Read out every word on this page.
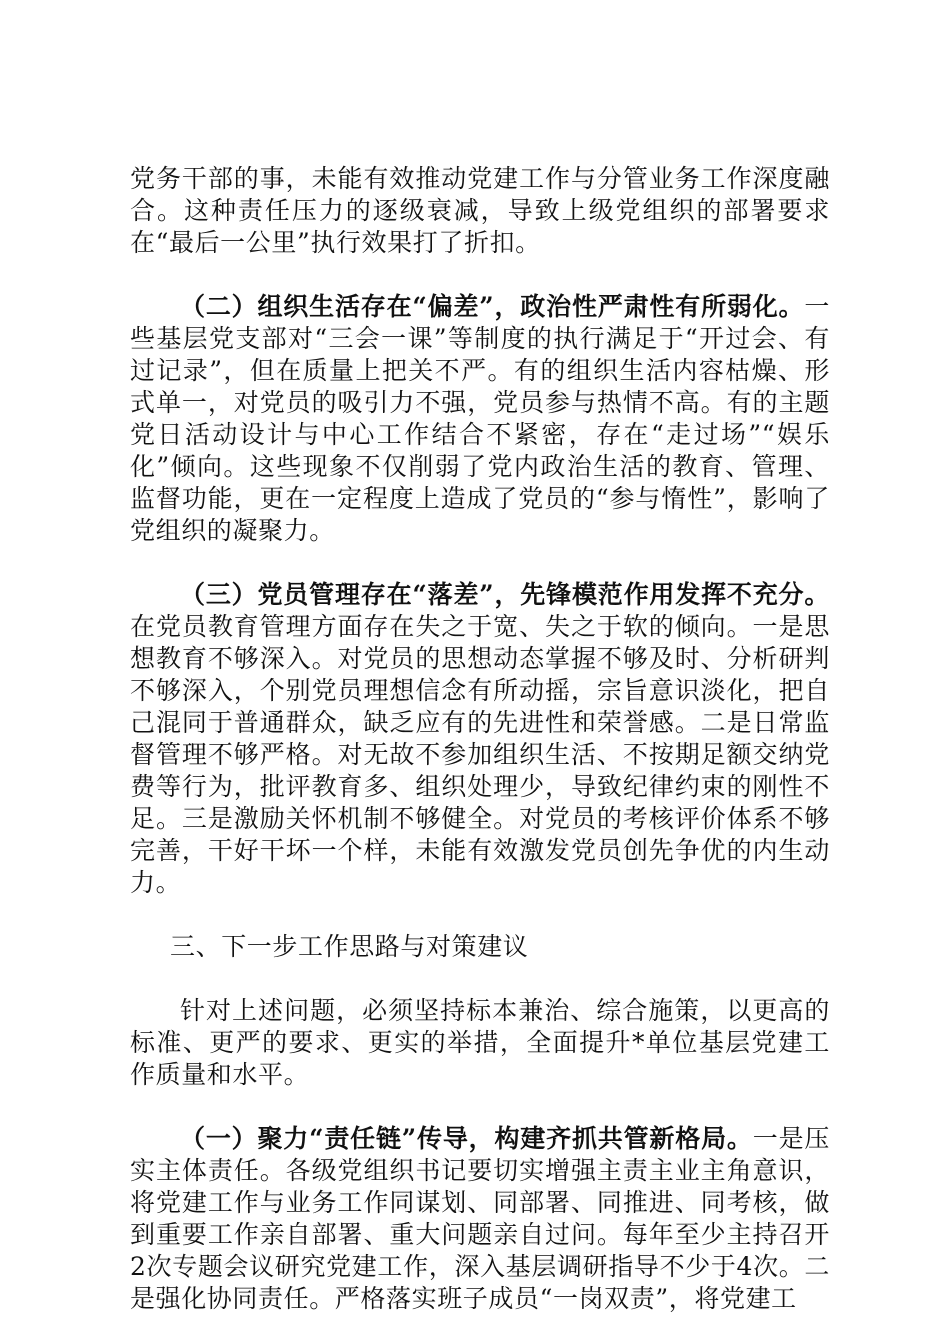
党务干部的事，未能有效推动党建工作与分管业务工作深度融合。这种责任压力的逐级衰减，导致上级党组织的部署要求在“最后一公里”执行效果打了折扣。

（二）组织生活存在“偏差”，政治性严肃性有所弱化。一些基层党支部对“三会一课”等制度的执行满足于“开过会、有过记录”，但在质量上把关不严。有的组织生活内容枯燥、形式单一，对党员的吸引力不强，党员参与热情不高。有的主题党日活动设计与中心工作结合不紧密，存在“走过场”“娱乐化”倾向。这些现象不仅削弱了党内政治生活的教育、管理、监督功能，更在一定程度上造成了党员的“参与惰性”，影响了党组织的凝聚力。

（三）党员管理存在“落差”，先锋模范作用发挥不充分。在党员教育管理方面存在失之于宽、失之于软的倾向。一是思想教育不够深入。对党员的思想动态掌握不够及时、分析研判不够深入，个别党员理想信念有所动摇，宗旨意识淡化，把自己混同于普通群众，缺乏应有的先进性和荣誉感。二是日常监督管理不够严格。对无故不参加组织生活、不按期足额交纳党费等行为，批评教育多、组织处理少，导致纪律约束的刚性不足。三是激励关怀机制不够健全。对党员的考核评价体系不够完善，干好干坏一个样，未能有效激发党员创先争优的内生动力。

三、下一步工作思路与对策建议

针对上述问题，必须坚持标本兼治、综合施策，以更高的标准、更严的要求、更实的举措，全面提升*单位基层党建工作质量和水平。

（一）聚力“责任链”传导，构建齐抓共管新格局。一是压实主体责任。各级党组织书记要切实增强主责主业主角意识，将党建工作与业务工作同谋划、同部署、同推进、同考核，做到重要工作亲自部署、重大问题亲自过问。每年至少主持召开2次专题会议研究党建工作，深入基层调研指导不少于4次。二是强化协同责任。严格落实班子成员“一岗双责”，将党建工
